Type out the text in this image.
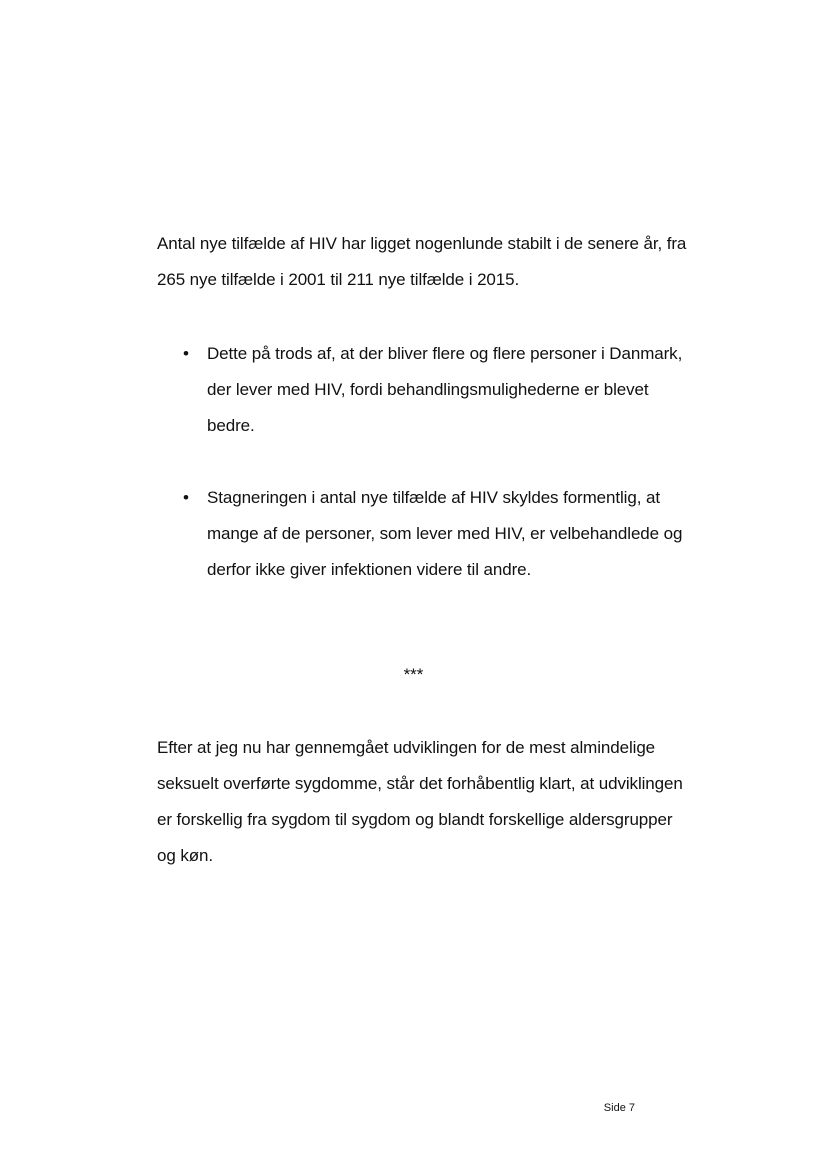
Antal nye tilfælde af HIV har ligget nogenlunde stabilt i de senere år, fra 265 nye tilfælde i 2001 til 211 nye tilfælde i 2015.

•	Dette på trods af, at der bliver flere og flere personer i Danmark, der lever med HIV, fordi behandlingsmulighederne er blevet bedre.
•	Stagneringen i antal nye tilfælde af HIV skyldes formentlig, at mange af de personer, som lever med HIV, er velbehandlede og derfor ikke giver infektionen videre til andre.
***

Efter at jeg nu har gennemgået udviklingen for de mest almindelige seksuelt overførte sygdomme, står det forhåbentlig klart, at udviklingen er forskellig fra sygdom til sygdom og blandt forskellige aldersgrupper og køn.

Side 7
